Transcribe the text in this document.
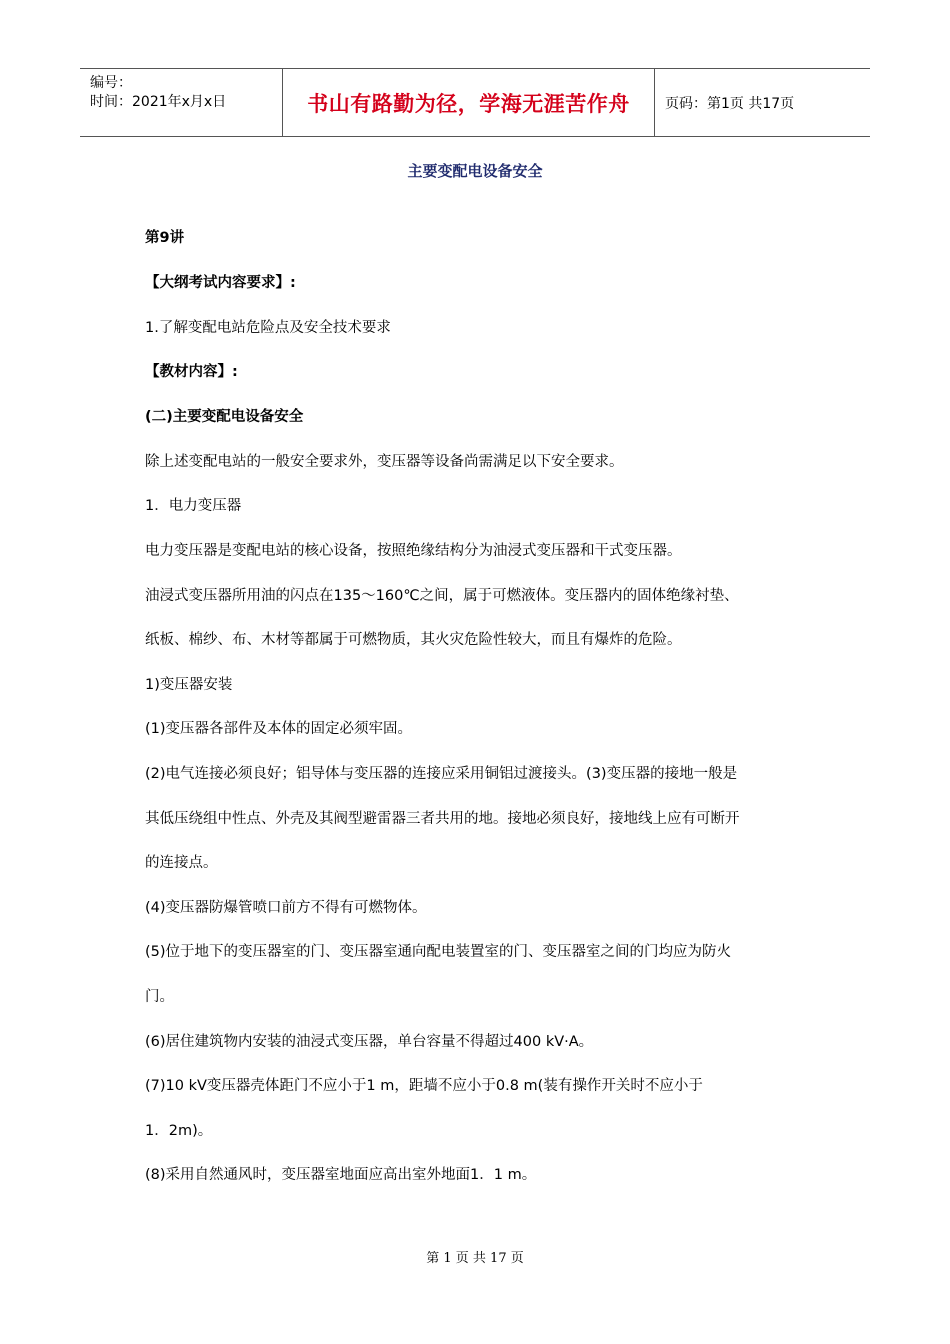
编号：
时间：2021年x月x日	书山有路勤为径，学海无涯苦作舟	页码：第1页 共17页
主要变配电设备安全
第9讲
【大纲考试内容要求】:
1.了解变配电站危险点及安全技术要求
【教材内容】:
(二)主要变配电设备安全
除上述变配电站的一般安全要求外，变压器等设备尚需满足以下安全要求。
1．电力变压器
电力变压器是变配电站的核心设备，按照绝缘结构分为油浸式变压器和干式变压器。
油浸式变压器所用油的闪点在135～160℃之间，属于可燃液体。变压器内的固体绝缘衬垫、
纸板、棉纱、布、木材等都属于可燃物质，其火灾危险性较大，而且有爆炸的危险。
1)变压器安装
(1)变压器各部件及本体的固定必须牢固。
(2)电气连接必须良好；铝导体与变压器的连接应采用铜铝过渡接头。(3)变压器的接地一般是
其低压绕组中性点、外壳及其阀型避雷器三者共用的地。接地必须良好，接地线上应有可断开
的连接点。
(4)变压器防爆管喷口前方不得有可燃物体。
(5)位于地下的变压器室的门、变压器室通向配电装置室的门、变压器室之间的门均应为防火
门。
(6)居住建筑物内安装的油浸式变压器，单台容量不得超过400 kV·A。
(7)10 kV变压器壳体距门不应小于1 m，距墙不应小于0.8 m(装有操作开关时不应小于
1．2m)。
(8)采用自然通风时，变压器室地面应高出室外地面1．1 m。
第 1 页 共 17 页
